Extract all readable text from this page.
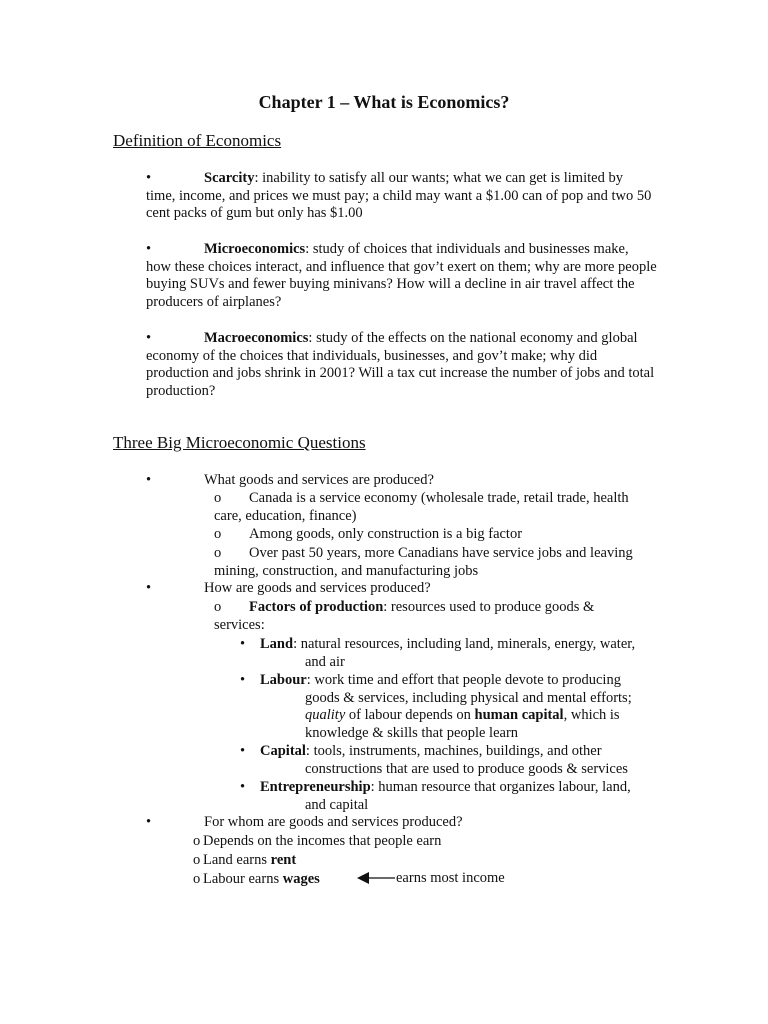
Chapter 1 – What is Economics?
Definition of Economics
•	Scarcity: inability to satisfy all our wants; what we can get is limited by
time, income, and prices we must pay; a child may want a $1.00 can of pop and two 50 cent packs of gum but only has $1.00
•	Microeconomics: study of choices that individuals and businesses make,
how these choices interact, and influence that gov’t exert on them; why are more people buying SUVs and fewer buying minivans? How will a decline in air travel affect the producers of airplanes?
•	Macroeconomics: study of the effects on the national economy and global
economy of the choices that individuals, businesses, and gov’t make; why did production and jobs shrink in 2001? Will a tax cut increase the number of jobs and total production?
Three Big Microeconomic Questions
•	What goods and services are produced?
o Canada is a service economy (wholesale trade, retail trade, health
care, education, finance)
o Among goods, only construction is a big factor
o Over past 50 years, more Canadians have service jobs and leaving
mining, construction, and manufacturing jobs
•	How are goods and services produced?
o Factors of production: resources used to produce goods &
services:
• Land: natural resources, including land, minerals, energy, water,
and air
• Labour: work time and effort that people devote to producing
goods & services, including physical and mental efforts;
quality of labour depends on human capital, which is
knowledge & skills that people learn
• Capital: tools, instruments, machines, buildings, and other
constructions that are used to produce goods & services
• Entrepreneurship: human resource that organizes labour, land,
and capital
•	For whom are goods and services produced?
o Depends on the incomes that people earn
o Land earns rent
o Labour earns wages	earns most income
